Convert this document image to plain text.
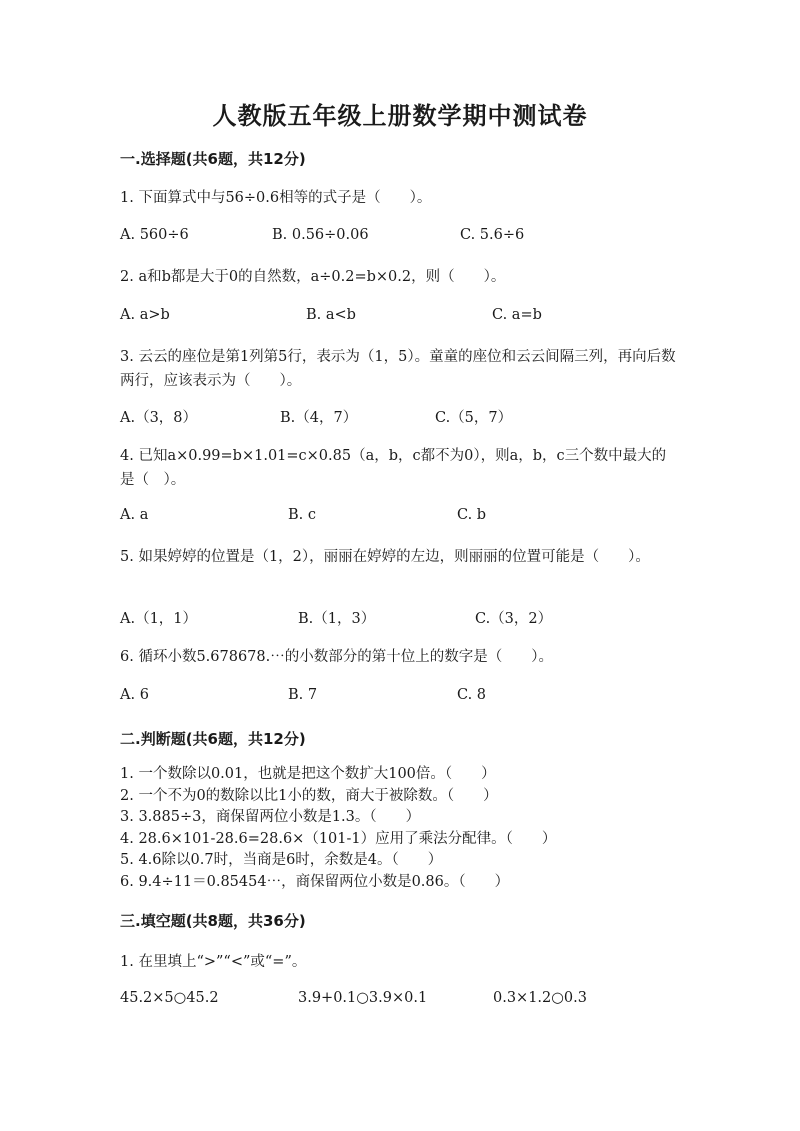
人教版五年级上册数学期中测试卷
一.选择题(共6题，共12分)
1. 下面算式中与56÷0.6相等的式子是（　　）。
A. 560÷6	B. 0.56÷0.06	C. 5.6÷6
2. a和b都是大于0的自然数，a÷0.2=b×0.2，则（　　）。
A. a>b	B. a<b	C. a=b
3. 云云的座位是第1列第5行，表示为（1，5）。童童的座位和云云间隔三列，再向后数两行，应该表示为（　　）。
A.（3，8）	B.（4，7）	C.（5，7）
4. 已知a×0.99=b×1.01=c×0.85（a，b，c都不为0），则a，b，c三个数中最大的是（　）。
A. a	B. c	C. b
5. 如果婷婷的位置是（1，2），丽丽在婷婷的左边，则丽丽的位置可能是（　　）。
A.（1，1）	B.（1，3）	C.（3，2）
6. 循环小数5.678678.⋯的小数部分的第十位上的数字是（　　）。
A. 6	B. 7	C. 8
二.判断题(共6题，共12分)
1. 一个数除以0.01，也就是把这个数扩大100倍。（　　）
2. 一个不为0的数除以比1小的数，商大于被除数。（　　）
3. 3.885÷3，商保留两位小数是1.3。（　　）
4. 28.6×101-28.6=28.6×（101-1）应用了乘法分配律。（　　）
5. 4.6除以0.7时，当商是6时，余数是4。（　　）
6. 9.4÷11＝0.85454⋯，商保留两位小数是0.86。（　　）
三.填空题(共8题，共36分)
1. 在里填上“>”“<”或“=”。
45.2×5○45.2	3.9+0.1○3.9×0.1	0.3×1.2○0.3
